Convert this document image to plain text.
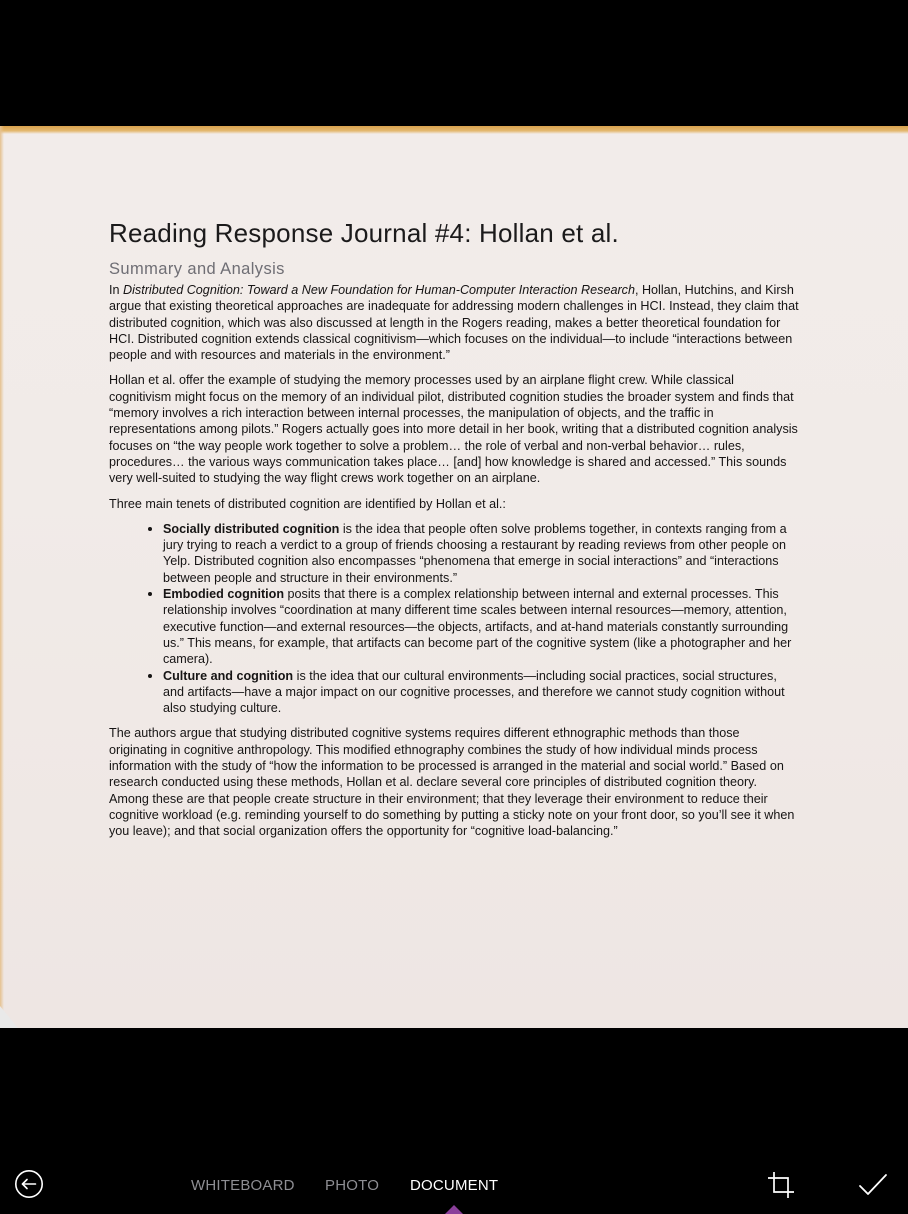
Reading Response Journal #4: Hollan et al.
Summary and Analysis

In Distributed Cognition: Toward a New Foundation for Human-Computer Interaction Research, Hollan, Hutchins, and Kirsh argue that existing theoretical approaches are inadequate for addressing modern challenges in HCI. Instead, they claim that distributed cognition, which was also discussed at length in the Rogers reading, makes a better theoretical foundation for HCI. Distributed cognition extends classical cognitivism—which focuses on the individual—to include “interactions between people and with resources and materials in the environment.”

Hollan et al. offer the example of studying the memory processes used by an airplane flight crew. While classical cognitivism might focus on the memory of an individual pilot, distributed cognition studies the broader system and finds that “memory involves a rich interaction between internal processes, the manipulation of objects, and the traffic in representations among pilots.” Rogers actually goes into more detail in her book, writing that a distributed cognition analysis focuses on “the way people work together to solve a problem… the role of verbal and non-verbal behavior… rules, procedures… the various ways communication takes place… [and] how knowledge is shared and accessed.” This sounds very well-suited to studying the way flight crews work together on an airplane.

Three main tenets of distributed cognition are identified by Hollan et al.:

• Socially distributed cognition is the idea that people often solve problems together, in contexts ranging from a jury trying to reach a verdict to a group of friends choosing a restaurant by reading reviews from other people on Yelp. Distributed cognition also encompasses “phenomena that emerge in social interactions” and “interactions between people and structure in their environments.”
• Embodied cognition posits that there is a complex relationship between internal and external processes. This relationship involves “coordination at many different time scales between internal resources—memory, attention, executive function—and external resources—the objects, artifacts, and at-hand materials constantly surrounding us.” This means, for example, that artifacts can become part of the cognitive system (like a photographer and her camera).
• Culture and cognition is the idea that our cultural environments—including social practices, social structures, and artifacts—have a major impact on our cognitive processes, and therefore we cannot study cognition without also studying culture.

The authors argue that studying distributed cognitive systems requires different ethnographic methods than those originating in cognitive anthropology. This modified ethnography combines the study of how individual minds process information with the study of “how the information to be processed is arranged in the material and social world.” Based on research conducted using these methods, Hollan et al. declare several core principles of distributed cognition theory. Among these are that people create structure in their environment; that they leverage their environment to reduce their cognitive workload (e.g. reminding yourself to do something by putting a sticky note on your front door, so you’ll see it when you leave); and that social organization offers the opportunity for “cognitive load-balancing.”

WHITEBOARD PHOTO DOCUMENT
